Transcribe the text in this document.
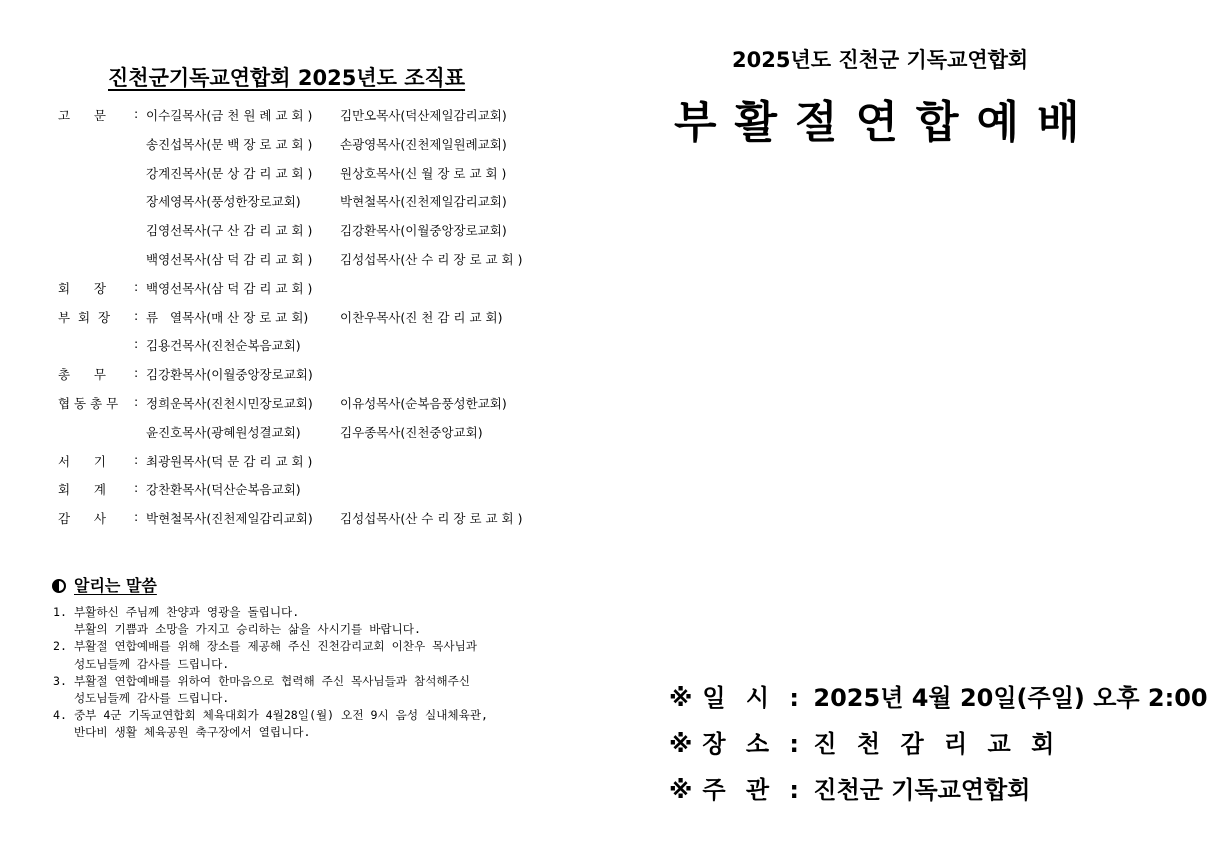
진천군기독교연합회 2025년도 조직표
고      문	: 이수길목사(금 천 원 례 교 회 ) 김만오목사(덕산제일감리교회)
송진섭목사(문 백 장 로 교 회 ) 손광영목사(진천제일원례교회)
강계진목사(문 상 감 리 교 회 ) 원상호목사(신 월 장 로 교 회 )
장세영목사(풍성한장로교회)	박현철목사(진천제일감리교회)
김영선목사(구 산 감 리 교 회 ) 김강환목사(이월중앙장로교회)
백영선목사(삼 덕 감 리 교 회 ) 김성섭목사(산 수 리 장 로 교 회 )
회      장	: 백영선목사(삼 덕 감 리 교 회 )
부  회  장	: 류   열목사(매 산 장 로 교 회)	이찬우목사(진 천 감 리 교 회)
: 김용건목사(진천순복음교회)
총      무	: 김강환목사(이월중앙장로교회)
협 동 총 무	: 정희운목사(진천시민장로교회) 이유성목사(순복음풍성한교회)
윤진호목사(광혜원성결교회)	김우종목사(진천중앙교회)
서      기	: 최광원목사(덕 문 감 리 교 회 )
회      계	: 강찬환목사(덕산순복음교회)
감      사	: 박현철목사(진천제일감리교회) 김성섭목사(산 수 리 장 로 교 회 )
알리는 말씀
1. 부활하신 주님께 찬양과 영광을 돌립니다.
부활의 기쁨과 소망을 가지고 승리하는 삶을 사시기를 바랍니다.
2. 부활절 연합예배를 위해 장소를 제공해 주신 진천감리교회 이찬우 목사님과
성도님들께 감사를 드립니다.
3. 부활절 연합예배를 위하여 한마음으로 협력해 주신 목사님들과 참석해주신
성도님들께 감사를 드립니다.
4. 중부 4군 기독교연합회 체육대회가 4월28일(월) 오전 9시 음성 실내체육관,
반다비 생활 체육공원 축구장에서 열립니다.
2025년도 진천군 기독교연합회
부활절연합예배
※ 일 시 : 2025년 4월 20일(주일) 오후 2:00
※ 장 소 : 진 천 감 리 교 회
※ 주 관 : 진천군 기독교연합회
